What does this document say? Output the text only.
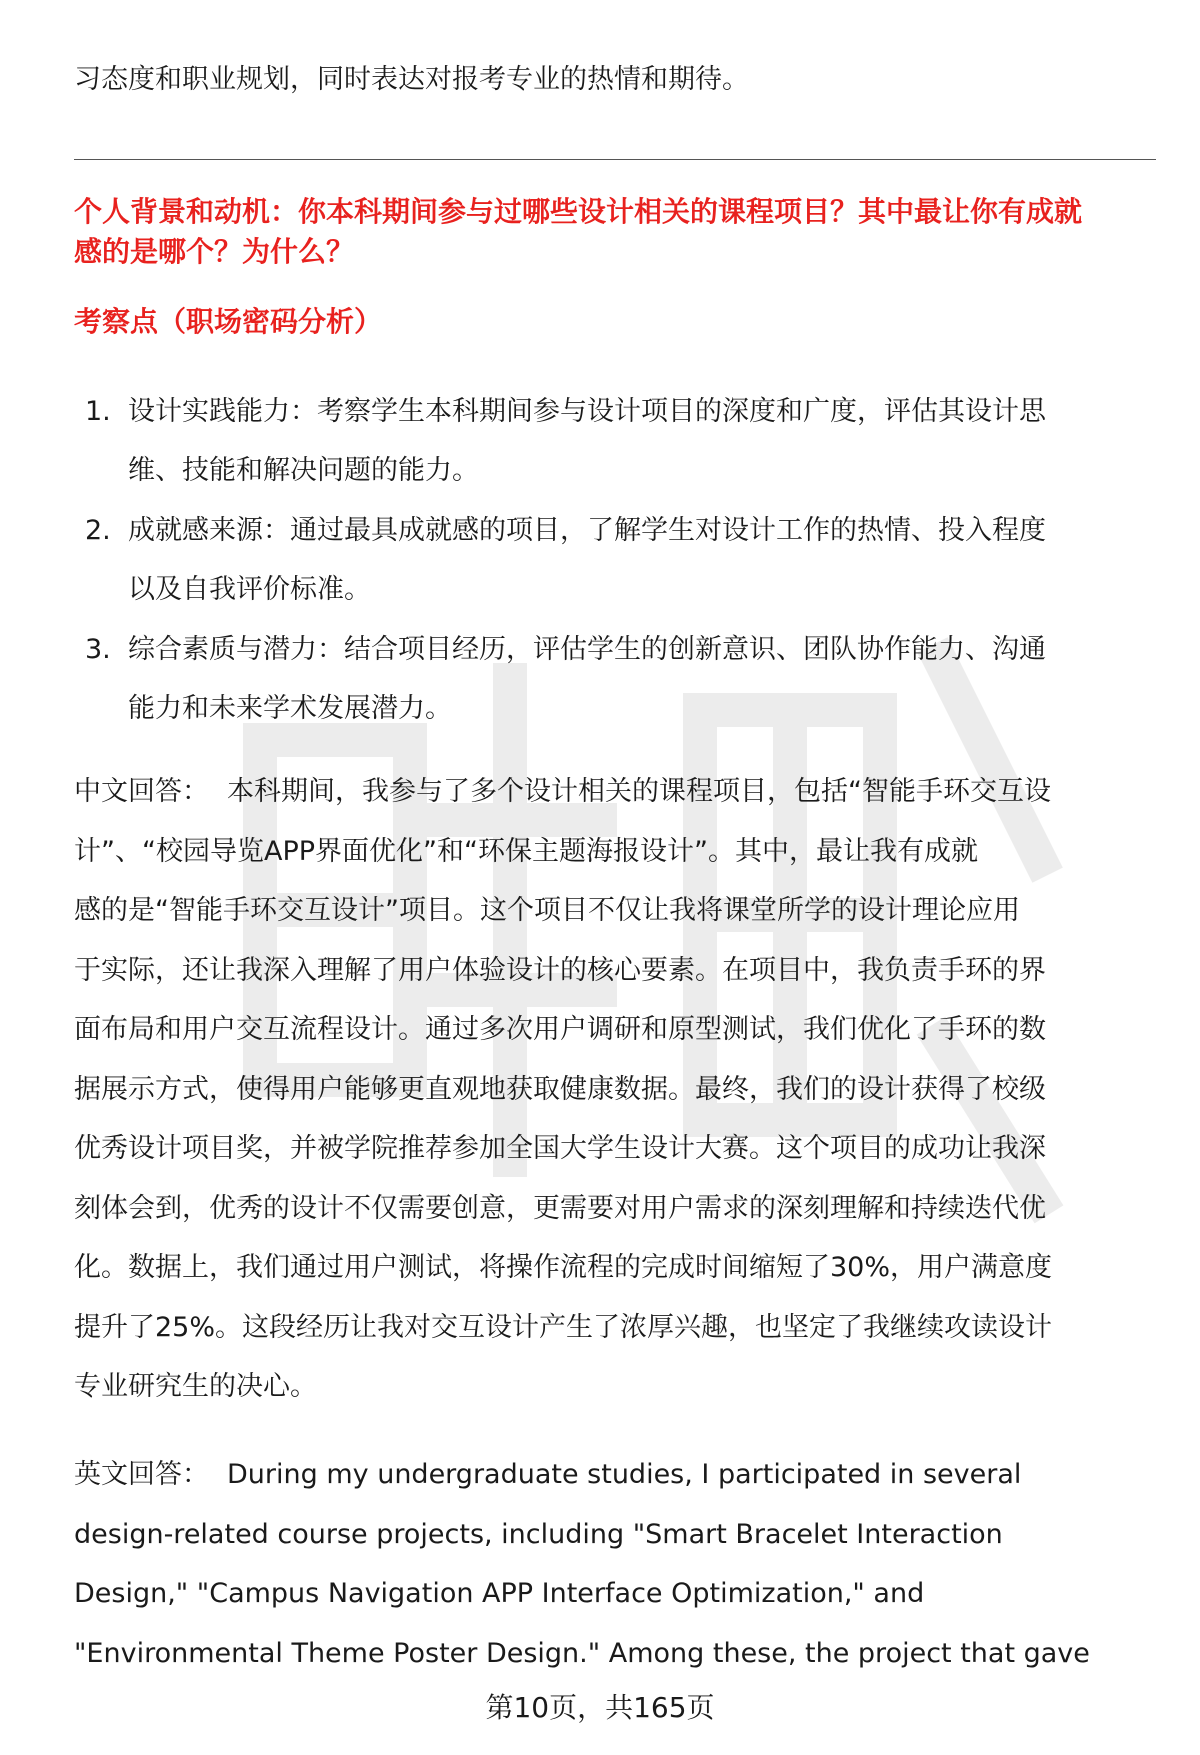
习态度和职业规划，同时表达对报考专业的热情和期待。
个人背景和动机：你本科期间参与过哪些设计相关的课程项目？其中最让你有成就
感的是哪个？为什么？
考察点（职场密码分析）
1. 设计实践能力：考察学生本科期间参与设计项目的深度和广度，评估其设计思
维、技能和解决问题的能力。
2. 成就感来源：通过最具成就感的项目，了解学生对设计工作的热情、投入程度
以及自我评价标准。
3. 综合素质与潜力：结合项目经历，评估学生的创新意识、团队协作能力、沟通
能力和未来学术发展潜力。
中文回答： 本科期间，我参与了多个设计相关的课程项目，包括“智能手环交互设
计”、“校园导览APP界面优化”和“环保主题海报设计”。其中，最让我有成就
感的是“智能手环交互设计”项目。这个项目不仅让我将课堂所学的设计理论应用
于实际，还让我深入理解了用户体验设计的核心要素。在项目中，我负责手环的界
面布局和用户交互流程设计。通过多次用户调研和原型测试，我们优化了手环的数
据展示方式，使得用户能够更直观地获取健康数据。最终，我们的设计获得了校级
优秀设计项目奖，并被学院推荐参加全国大学生设计大赛。这个项目的成功让我深
刻体会到，优秀的设计不仅需要创意，更需要对用户需求的深刻理解和持续迭代优
化。数据上，我们通过用户测试，将操作流程的完成时间缩短了30%，用户满意度
提升了25%。这段经历让我对交互设计产生了浓厚兴趣，也坚定了我继续攻读设计
专业研究生的决心。
英文回答： During my undergraduate studies, I participated in several
design-related course projects, including "Smart Bracelet Interaction
Design," "Campus Navigation APP Interface Optimization," and
"Environmental Theme Poster Design." Among these, the project that gave
第10页，共165页
